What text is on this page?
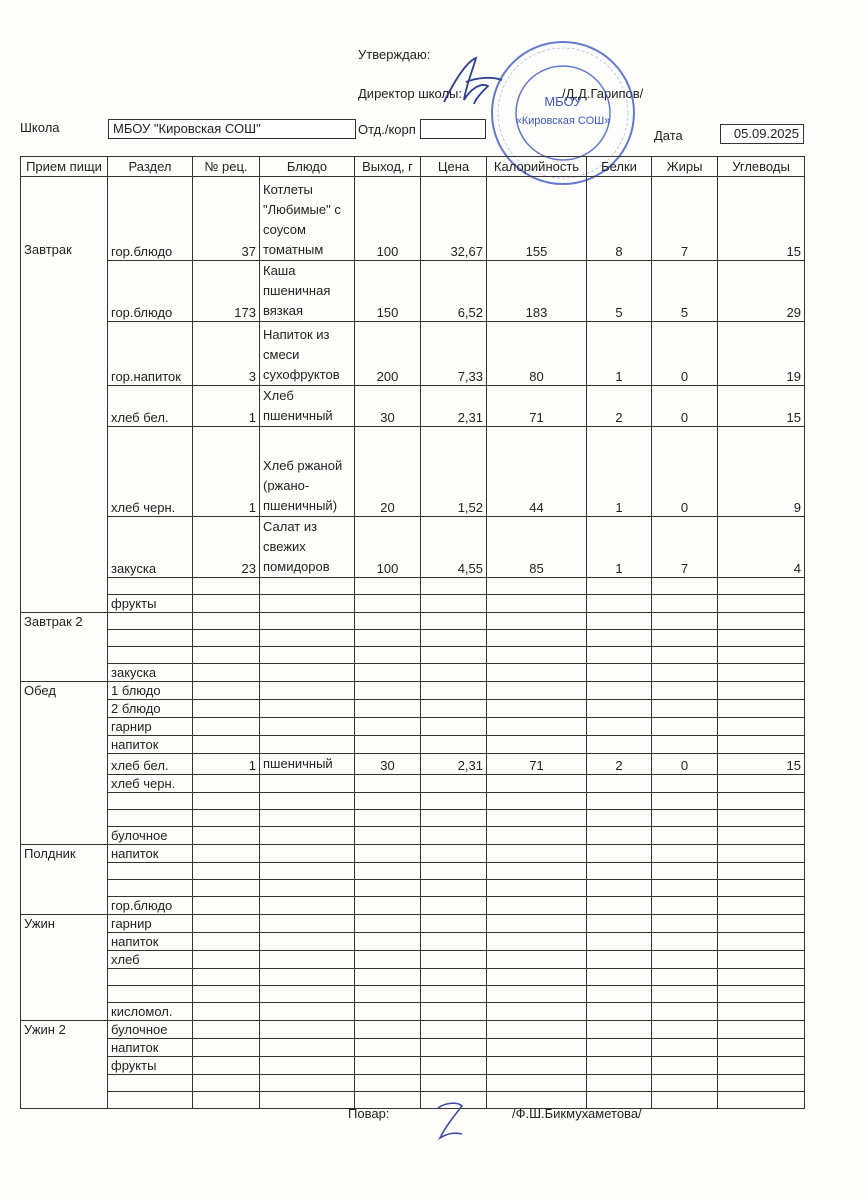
Утверждаю:
Директор школы:	/Д.Д.Гарипов/
Школа	МБОУ "Кировская СОШ"	Отд./корп	Дата	05.09.2025
МБОУ
«Кировская СОШ»
Прием пищи	Раздел	№ рец.	Блюдо	Выход, г	Цена	Калорийность	Белки	Жиры	Углеводы
Завтрак	гор.блюдо	37	Котлеты "Любимые" с соусом томатным	100	32,67	155	8	7	15
	гор.блюдо	173	Каша пшеничная вязкая	150	6,52	183	5	5	29
	гор.напиток	3	Напиток из смеси сухофруктов	200	7,33	80	1	0	19
	хлеб бел.	1	Хлеб пшеничный	30	2,31	71	2	0	15
	хлеб черн.	1	Хлеб ржаной (ржано-пшеничный)	20	1,52	44	1	0	9
	закуска	23	Салат из свежих помидоров	100	4,55	85	1	7	4

	фрукты								
Завтрак 2									

	закуска								
Обед	1 блюдо								
	2 блюдо								
	гарнир								
	напиток								
	хлеб бел.	1	пшеничный	30	2,31	71	2	0	15
	хлеб черн.								

	булочное								
Полдник	напиток								

	гор.блюдо								
Ужин	гарнир								
	напиток								
	хлеб								

	кисломол.								
Ужин 2	булочное								
	напиток								
	фрукты								

Повар:	/Ф.Ш.Бикмухаметова/
